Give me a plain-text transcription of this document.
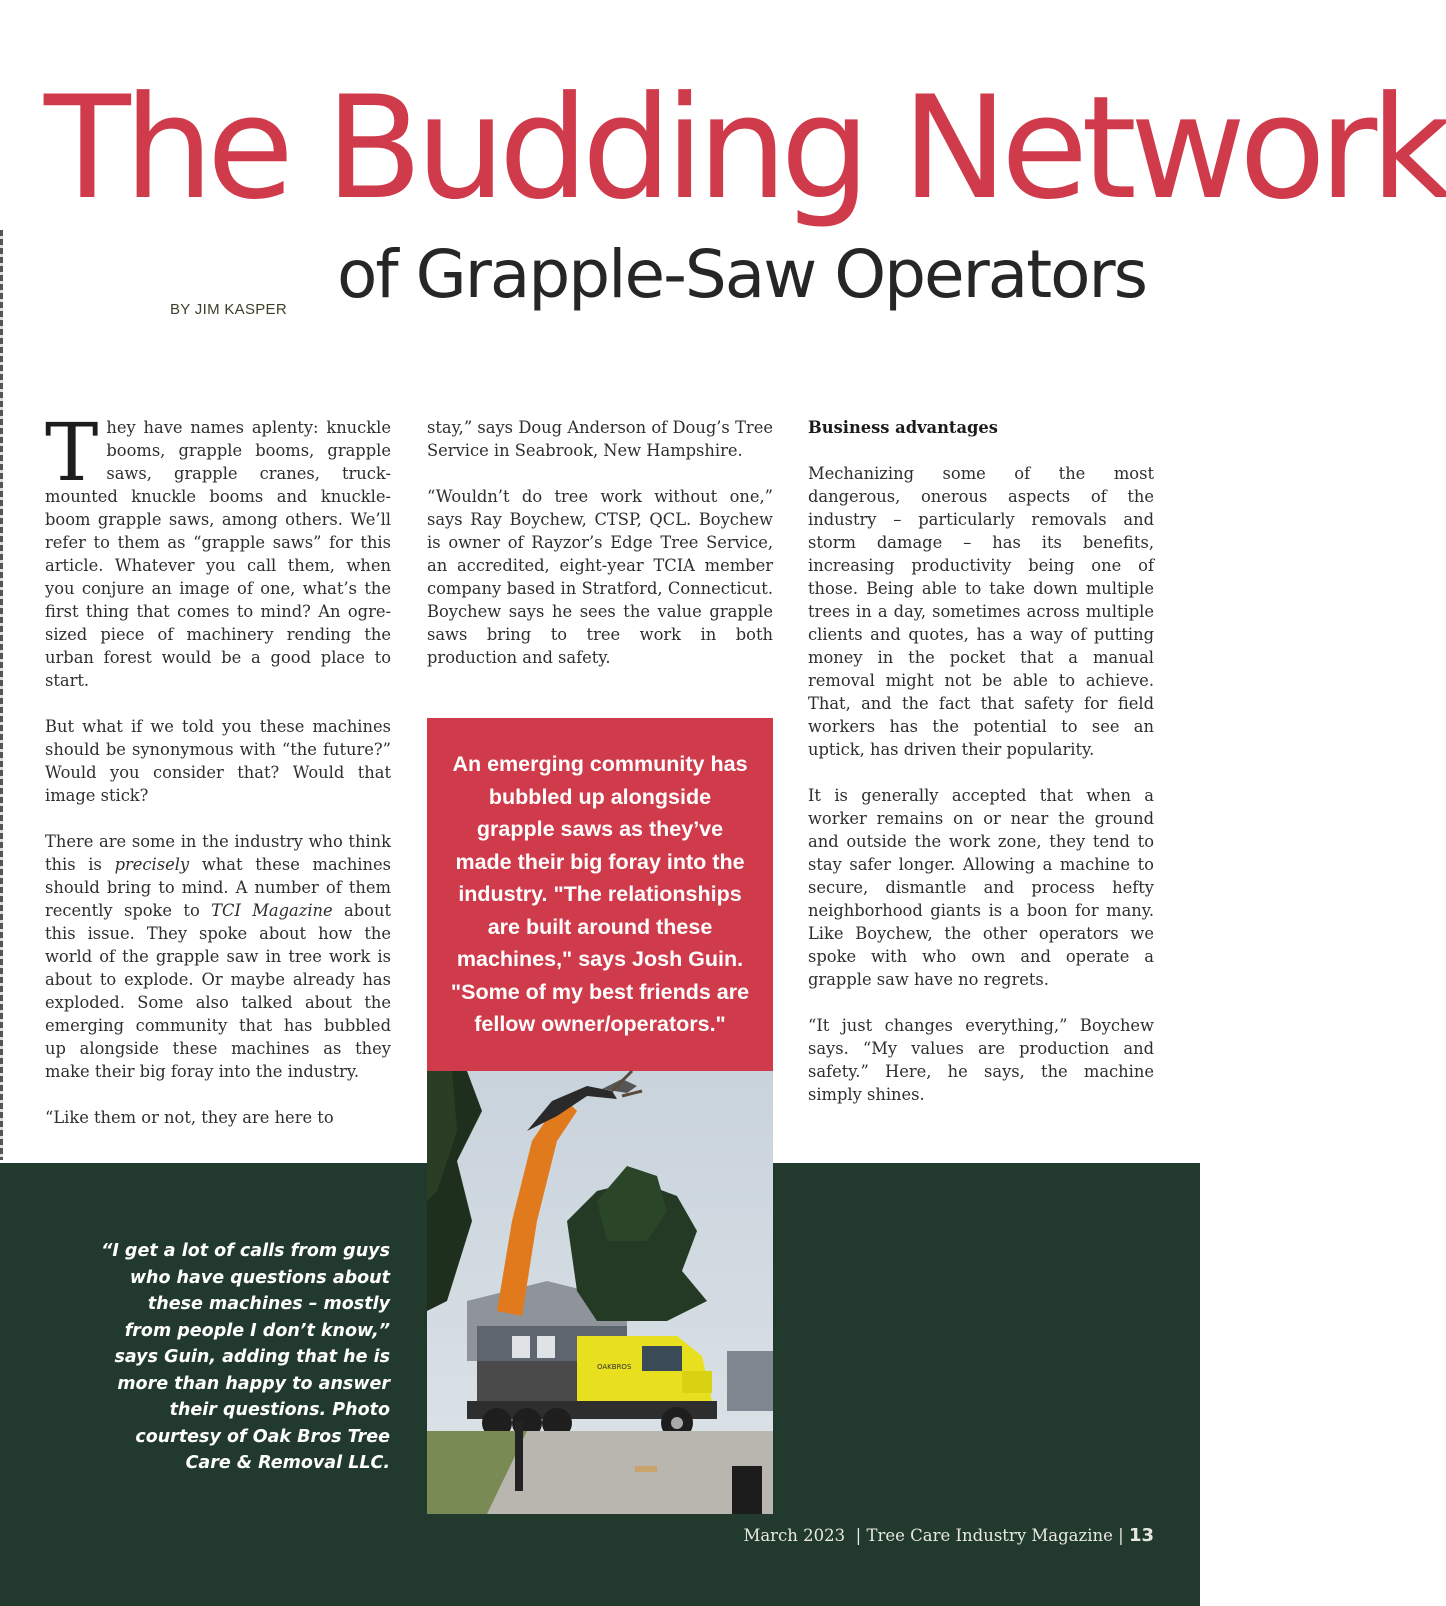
The Budding Network
of Grapple-Saw Operators
BY JIM KASPER

They have names aplenty: knuckle booms, grapple booms, grapple saws, grapple cranes, truck-mounted knuckle booms and knuckle-boom grapple saws, among others. We’ll refer to them as “grapple saws” for this article. Whatever you call them, when you conjure an image of one, what’s the first thing that comes to mind? An ogre-sized piece of machinery rending the urban forest would be a good place to start.

But what if we told you these machines should be synonymous with “the future?” Would you consider that? Would that image stick?

There are some in the industry who think this is precisely what these machines should bring to mind. A number of them recently spoke to TCI Magazine about this issue. They spoke about how the world of the grapple saw in tree work is about to explode. Or maybe already has exploded. Some also talked about the emerging community that has bubbled up alongside these machines as they make their big foray into the industry.

“Like them or not, they are here to

stay,” says Doug Anderson of Doug’s Tree Service in Seabrook, New Hampshire.

“Wouldn’t do tree work without one,” says Ray Boychew, CTSP, QCL. Boychew is owner of Rayzor’s Edge Tree Service, an accredited, eight-year TCIA member company based in Stratford, Connecticut. Boychew says he sees the value grapple saws bring to tree work in both production and safety.

An emerging community has bubbled up alongside grapple saws as they’ve made their big foray into the industry. "The relationships are built around these machines," says Josh Guin. "Some of my best friends are fellow owner/operators."
Business advantages

Mechanizing some of the most dangerous, onerous aspects of the industry – particularly removals and storm damage – has its benefits, increasing productivity being one of those. Being able to take down multiple trees in a day, sometimes across multiple clients and quotes, has a way of putting money in the pocket that a manual removal might not be able to achieve. That, and the fact that safety for field workers has the potential to see an uptick, has driven their popularity.

It is generally accepted that when a worker remains on or near the ground and outside the work zone, they tend to stay safer longer. Allowing a machine to secure, dismantle and process hefty neighborhood giants is a boon for many. Like Boychew, the other operators we spoke with who own and operate a grapple saw have no regrets.

“It just changes everything,” Boychew says. “My values are production and safety.” Here, he says, the machine simply shines.

“I get a lot of calls from guys who have questions about these machines – mostly from people I don’t know,” says Guin, adding that he is more than happy to answer their questions. Photo courtesy of Oak Bros Tree Care & Removal LLC.
OAKBROS
March 2023  | Tree Care Industry Magazine | 13
